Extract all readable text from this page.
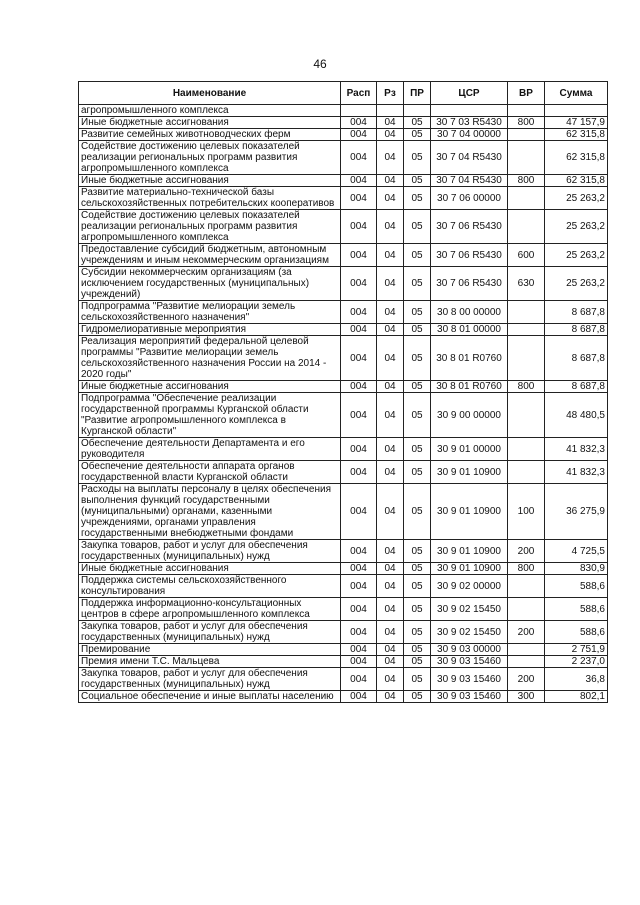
46
Наименование	Расп	Рз	ПР	ЦСР	ВР	Сумма
агропромышленного комплекса						
Иные бюджетные ассигнования	004	04	05	30 7 03 R5430	800	47 157,9
Развитие семейных животноводческих ферм	004	04	05	30 7 04 00000		62 315,8
Содействие достижению целевых показателей реализации региональных программ развития агропромышленного комплекса	004	04	05	30 7 04 R5430		62 315,8
Иные бюджетные ассигнования	004	04	05	30 7 04 R5430	800	62 315,8
Развитие материально-технической базы сельскохозяйственных потребительских кооперативов	004	04	05	30 7 06 00000		25 263,2
Содействие достижению целевых показателей реализации региональных программ развития агропромышленного комплекса	004	04	05	30 7 06 R5430		25 263,2
Предоставление субсидий бюджетным, автономным учреждениям и иным некоммерческим организациям	004	04	05	30 7 06 R5430	600	25 263,2
Субсидии некоммерческим организациям (за исключением государственных (муниципальных) учреждений)	004	04	05	30 7 06 R5430	630	25 263,2
Подпрограмма "Развитие мелиорации земель сельскохозяйственного назначения"	004	04	05	30 8 00 00000		8 687,8
Гидромелиоративные мероприятия	004	04	05	30 8 01 00000		8 687,8
Реализация мероприятий федеральной целевой программы "Развитие мелиорации земель сельскохозяйственного назначения России на 2014 - 2020 годы"	004	04	05	30 8 01 R0760		8 687,8
Иные бюджетные ассигнования	004	04	05	30 8 01 R0760	800	8 687,8
Подпрограмма "Обеспечение реализации государственной программы Курганской области "Развитие агропромышленного комплекса в Курганской области"	004	04	05	30 9 00 00000		48 480,5
Обеспечение деятельности Департамента и его руководителя	004	04	05	30 9 01 00000		41 832,3
Обеспечение деятельности аппарата органов государственной власти Курганской области	004	04	05	30 9 01 10900		41 832,3
Расходы на выплаты персоналу в целях обеспечения выполнения функций государственными (муниципальными) органами, казенными учреждениями, органами управления государственными внебюджетными фондами	004	04	05	30 9 01 10900	100	36 275,9
Закупка товаров, работ и услуг для обеспечения государственных (муниципальных) нужд	004	04	05	30 9 01 10900	200	4 725,5
Иные бюджетные ассигнования	004	04	05	30 9 01 10900	800	830,9
Поддержка системы сельскохозяйственного консультирования	004	04	05	30 9 02 00000		588,6
Поддержка информационно-консультационных центров в сфере агропромышленного комплекса	004	04	05	30 9 02 15450		588,6
Закупка товаров, работ и услуг для обеспечения государственных (муниципальных) нужд	004	04	05	30 9 02 15450	200	588,6
Премирование	004	04	05	30 9 03 00000		2 751,9
Премия имени Т.С. Мальцева	004	04	05	30 9 03 15460		2 237,0
Закупка товаров, работ и услуг для обеспечения государственных (муниципальных) нужд	004	04	05	30 9 03 15460	200	36,8
Социальное обеспечение и иные выплаты населению	004	04	05	30 9 03 15460	300	802,1
